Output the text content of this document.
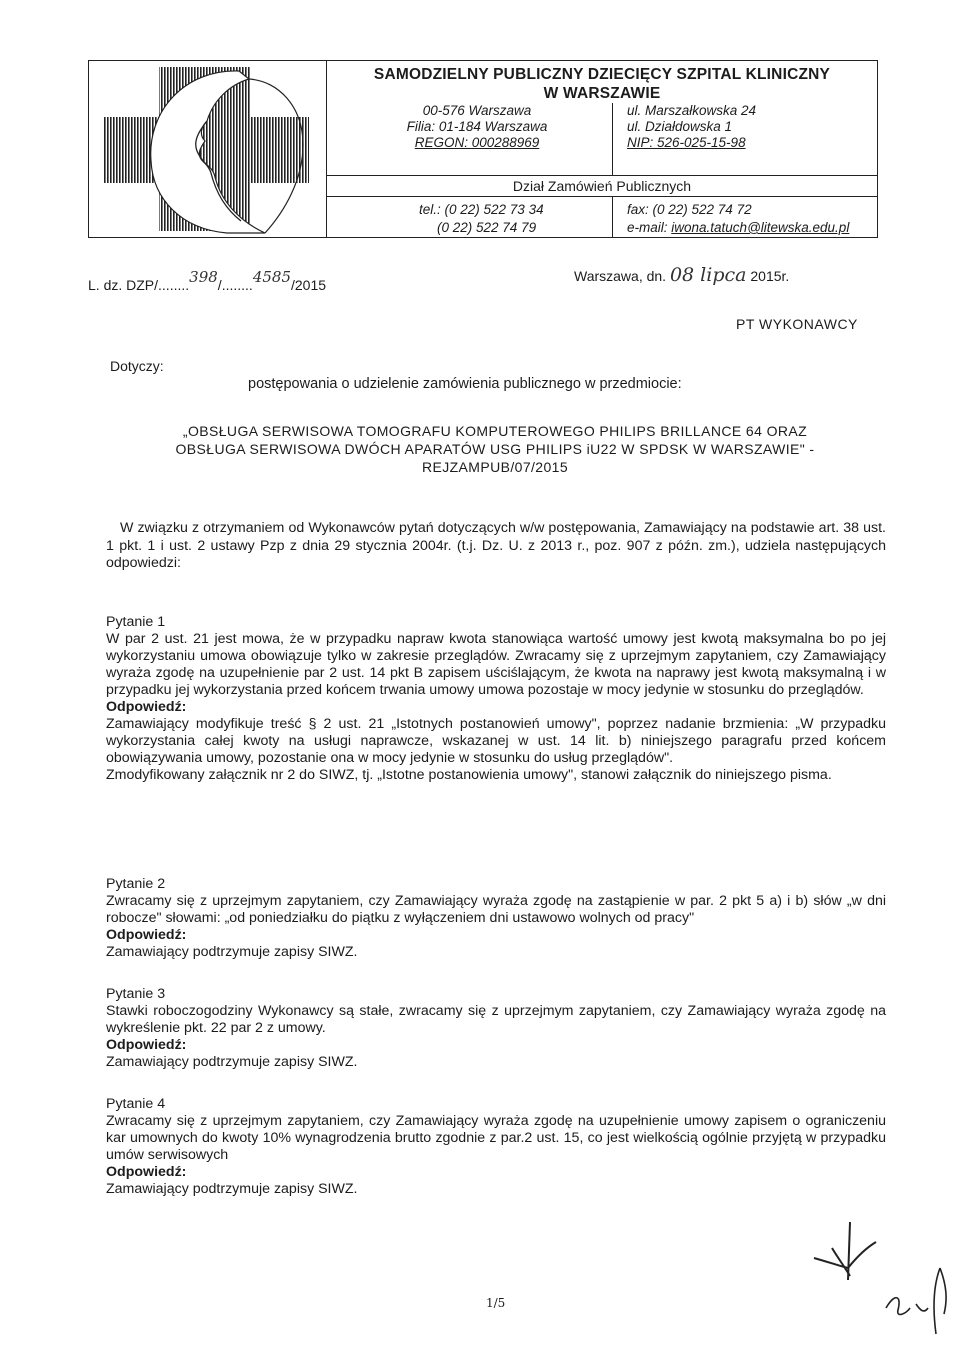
SAMODZIELNY PUBLICZNY DZIECIĘCY SZPITAL KLINICZNY
W WARSZAWIE
00-576 Warszawa
Filia: 01-184 Warszawa
REGON: 000288969
ul. Marszałkowska 24
ul. Działdowska 1
NIP: 526-025-15-98
Dział Zamówień Publicznych
tel.: (0 22) 522 73 34
(0 22) 522 74 79
fax: (0 22) 522 74 72
e-mail: iwona.tatuch@litewska.edu.pl
L. dz. DZP/........398/........4585/2015
Warszawa, dn. 08 lipca 2015r.
PT WYKONAWCY
Dotyczy:
postępowania o udzielenie zamówienia publicznego w przedmiocie:
„OBSŁUGA SERWISOWA TOMOGRAFU KOMPUTEROWEGO PHILIPS BRILLANCE 64 ORAZ
OBSŁUGA SERWISOWA DWÓCH APARATÓW USG PHILIPS iU22 W SPDSK W WARSZAWIE" -
REJZAMPUB/07/2015
W związku z otrzymaniem od Wykonawców pytań dotyczących w/w postępowania, Zamawiający na podstawie art. 38 ust. 1 pkt. 1 i ust. 2 ustawy Pzp z dnia 29 stycznia 2004r. (t.j. Dz. U. z 2013 r., poz. 907 z późn. zm.), udziela następujących odpowiedzi:

Pytanie 1

W par 2 ust. 21 jest mowa, że w przypadku napraw kwota stanowiąca wartość umowy jest kwotą maksymalna bo po jej wykorzystaniu umowa obowiązuje tylko w zakresie przeglądów. Zwracamy się z uprzejmym zapytaniem, czy Zamawiający wyraża zgodę na uzupełnienie par 2 ust. 14 pkt B zapisem uściślającym, że kwota na naprawy jest kwotą maksymalną i w przypadku jej wykorzystania przed końcem trwania umowy umowa pozostaje w mocy jedynie w stosunku do przeglądów.

Odpowiedź:

Zamawiający modyfikuje treść § 2 ust. 21 „Istotnych postanowień umowy", poprzez nadanie brzmienia: „W przypadku wykorzystania całej kwoty na usługi naprawcze, wskazanej w ust. 14 lit. b) niniejszego paragrafu przed końcem obowiązywania umowy, pozostanie ona w mocy jedynie w stosunku do usług przeglądów".

Zmodyfikowany załącznik nr 2 do SIWZ, tj. „Istotne postanowienia umowy", stanowi załącznik do niniejszego pisma.

Pytanie 2

Zwracamy się z uprzejmym zapytaniem, czy Zamawiający wyraża zgodę na zastąpienie w par. 2 pkt 5 a) i b) słów „w dni robocze" słowami: „od poniedziałku do piątku z wyłączeniem dni ustawowo wolnych od pracy"

Odpowiedź:

Zamawiający podtrzymuje zapisy SIWZ.

Pytanie 3

Stawki roboczogodziny Wykonawcy są stałe, zwracamy się z uprzejmym zapytaniem, czy Zamawiający wyraża zgodę na wykreślenie pkt. 22 par 2 z umowy.

Odpowiedź:

Zamawiający podtrzymuje zapisy SIWZ.

Pytanie 4

Zwracamy się z uprzejmym zapytaniem, czy Zamawiający wyraża zgodę na uzupełnienie umowy zapisem o ograniczeniu kar umownych do kwoty 10% wynagrodzenia brutto zgodnie z par.2 ust. 15, co jest wielkością ogólnie przyjętą w przypadku umów serwisowych

Odpowiedź:

Zamawiający podtrzymuje zapisy SIWZ.

1/5
